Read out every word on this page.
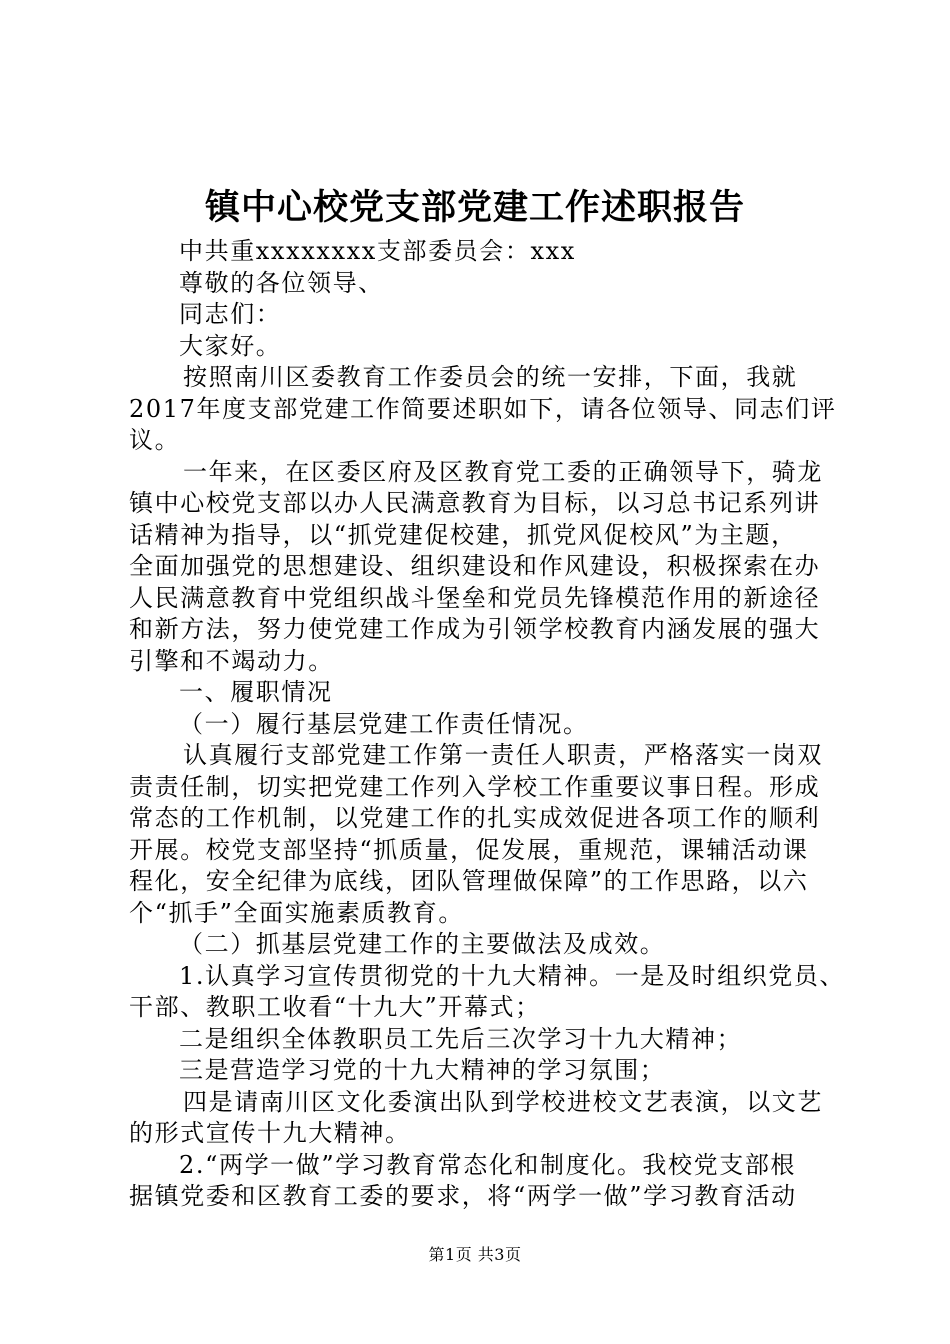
镇中心校党支部党建工作述职报告
中共重xxxxxxxx支部委员会：xxx
尊敬的各位领导、
同志们：
大家好。
按照南川区委教育工作委员会的统一安排，下面，我就
2017年度支部党建工作简要述职如下，请各位领导、同志们评
议。
一年来，在区委区府及区教育党工委的正确领导下，骑龙
镇中心校党支部以办人民满意教育为目标，以习总书记系列讲
话精神为指导，以“抓党建促校建，抓党风促校风”为主题，
全面加强党的思想建设、组织建设和作风建设，积极探索在办
人民满意教育中党组织战斗堡垒和党员先锋模范作用的新途径
和新方法，努力使党建工作成为引领学校教育内涵发展的强大
引擎和不竭动力。
一、履职情况
（一）履行基层党建工作责任情况。
认真履行支部党建工作第一责任人职责，严格落实一岗双
责责任制，切实把党建工作列入学校工作重要议事日程。形成
常态的工作机制，以党建工作的扎实成效促进各项工作的顺利
开展。校党支部坚持“抓质量，促发展，重规范，课辅活动课
程化，安全纪律为底线，团队管理做保障”的工作思路，以六
个“抓手”全面实施素质教育。
（二）抓基层党建工作的主要做法及成效。
1.认真学习宣传贯彻党的十九大精神。一是及时组织党员、
干部、教职工收看“十九大”开幕式；
二是组织全体教职员工先后三次学习十九大精神；
三是营造学习党的十九大精神的学习氛围；
四是请南川区文化委演出队到学校进校文艺表演，以文艺
的形式宣传十九大精神。
2.“两学一做”学习教育常态化和制度化。我校党支部根
据镇党委和区教育工委的要求，将“两学一做”学习教育活动
第1页 共3页
